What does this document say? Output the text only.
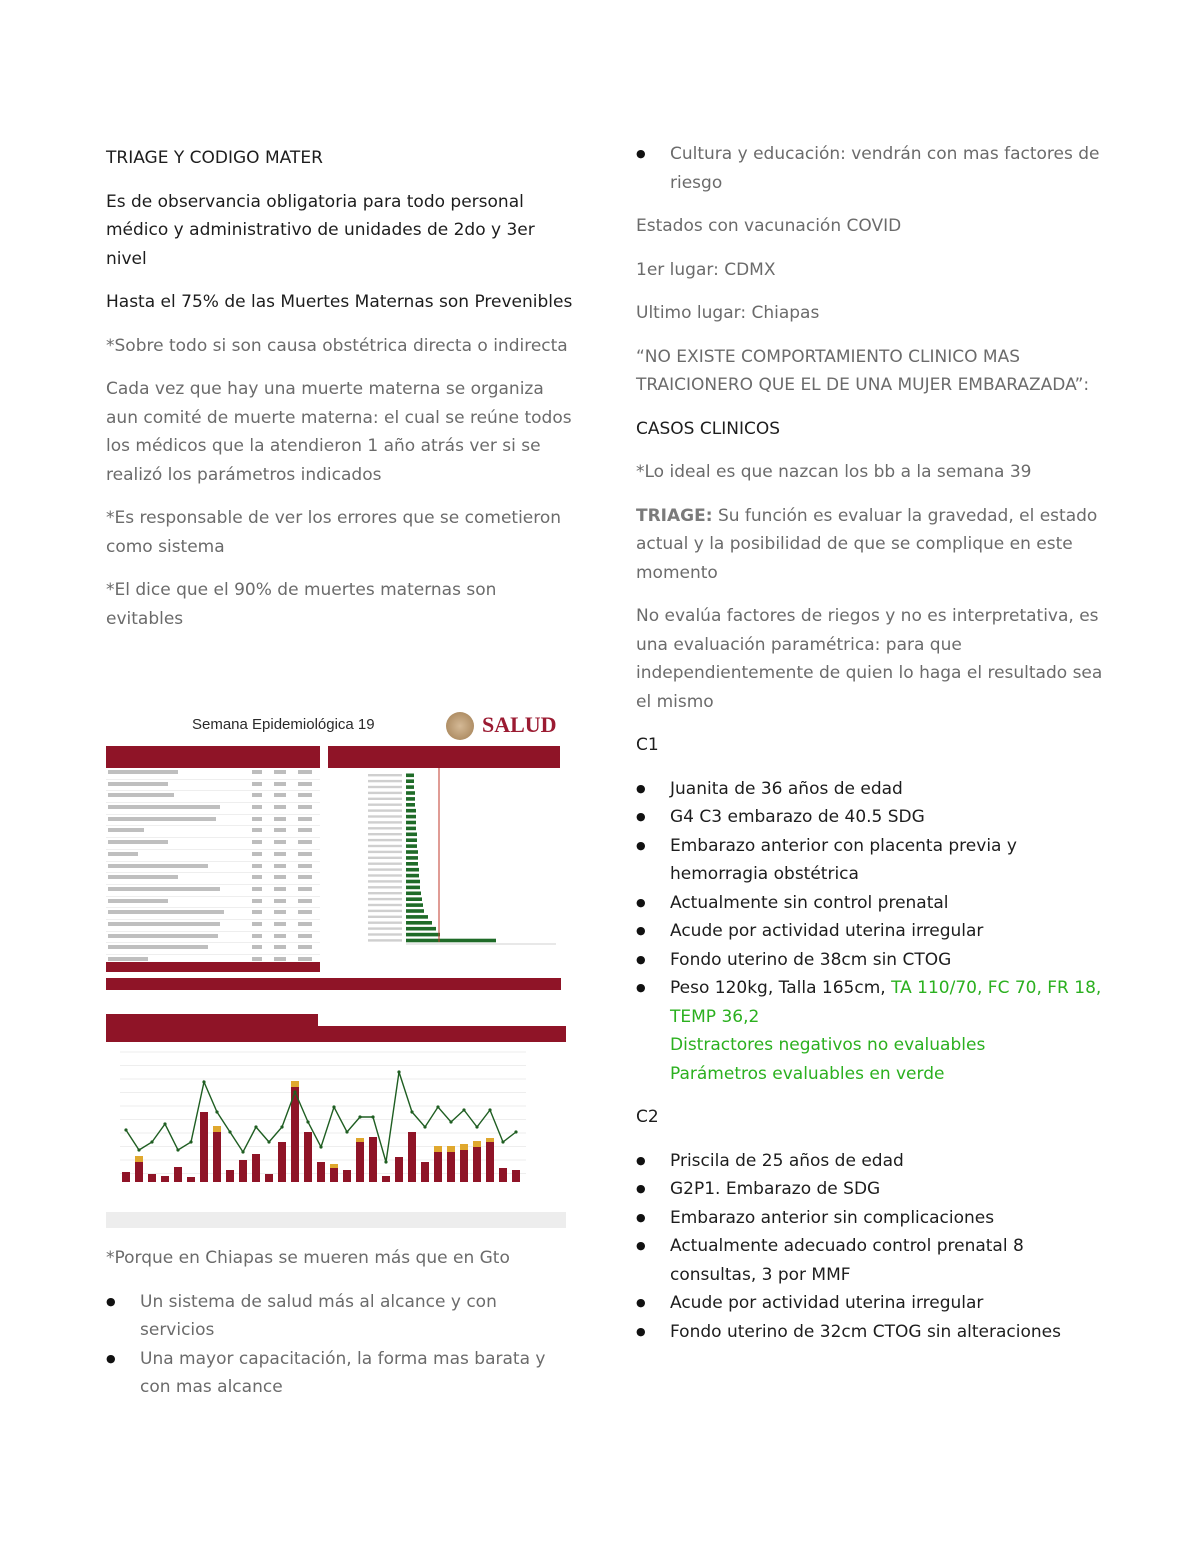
TRIAGE Y CODIGO MATER

Es de observancia obligatoria para todo personal médico y administrativo de unidades de 2do y 3er nivel

Hasta el 75% de las Muertes Maternas son Prevenibles

*Sobre todo si son causa obstétrica directa o indirecta

Cada vez que hay una muerte materna se organiza aun comité de muerte materna: el cual se reúne todos los médicos que la atendieron 1 año atrás ver si se realizó los parámetros indicados

*Es responsable de ver los errores que se cometieron como sistema

*El dice que el 90% de muertes maternas son evitables

Semana Epidemiológica 19	SALUD

*Porque en Chiapas se mueren más que en Gto

● Un sistema de salud más al alcance y con servicios
● Una mayor capacitación, la forma mas barata y con mas alcance
● Cultura y educación: vendrán con mas factores de riesgo

Estados con vacunación COVID

1er lugar: CDMX

Ultimo lugar: Chiapas

“NO EXISTE COMPORTAMIENTO CLINICO MAS TRAICIONERO QUE EL DE UNA MUJER EMBARAZADA”:

CASOS CLINICOS

*Lo ideal es que nazcan los bb a la semana 39

TRIAGE: Su función es evaluar la gravedad, el estado actual y la posibilidad de que se complique en este momento

No evalúa factores de riegos y no es interpretativa, es una evaluación paramétrica: para que independientemente de quien lo haga el resultado sea el mismo

C1

● Juanita de 36 años de edad
● G4 C3 embarazo de 40.5 SDG
● Embarazo anterior con placenta previa y hemorragia obstétrica
● Actualmente sin control prenatal
● Acude por actividad uterina irregular
● Fondo uterino de 38cm sin CTOG
● Peso 120kg, Talla 165cm, TA 110/70, FC 70, FR 18, TEMP 36,2
Distractores negativos no evaluables
Parámetros evaluables en verde

C2

● Priscila de 25 años de edad
● G2P1. Embarazo de SDG
● Embarazo anterior sin complicaciones
● Actualmente adecuado control prenatal 8 consultas, 3 por MMF
● Acude por actividad uterina irregular
● Fondo uterino de 32cm CTOG sin alteraciones
